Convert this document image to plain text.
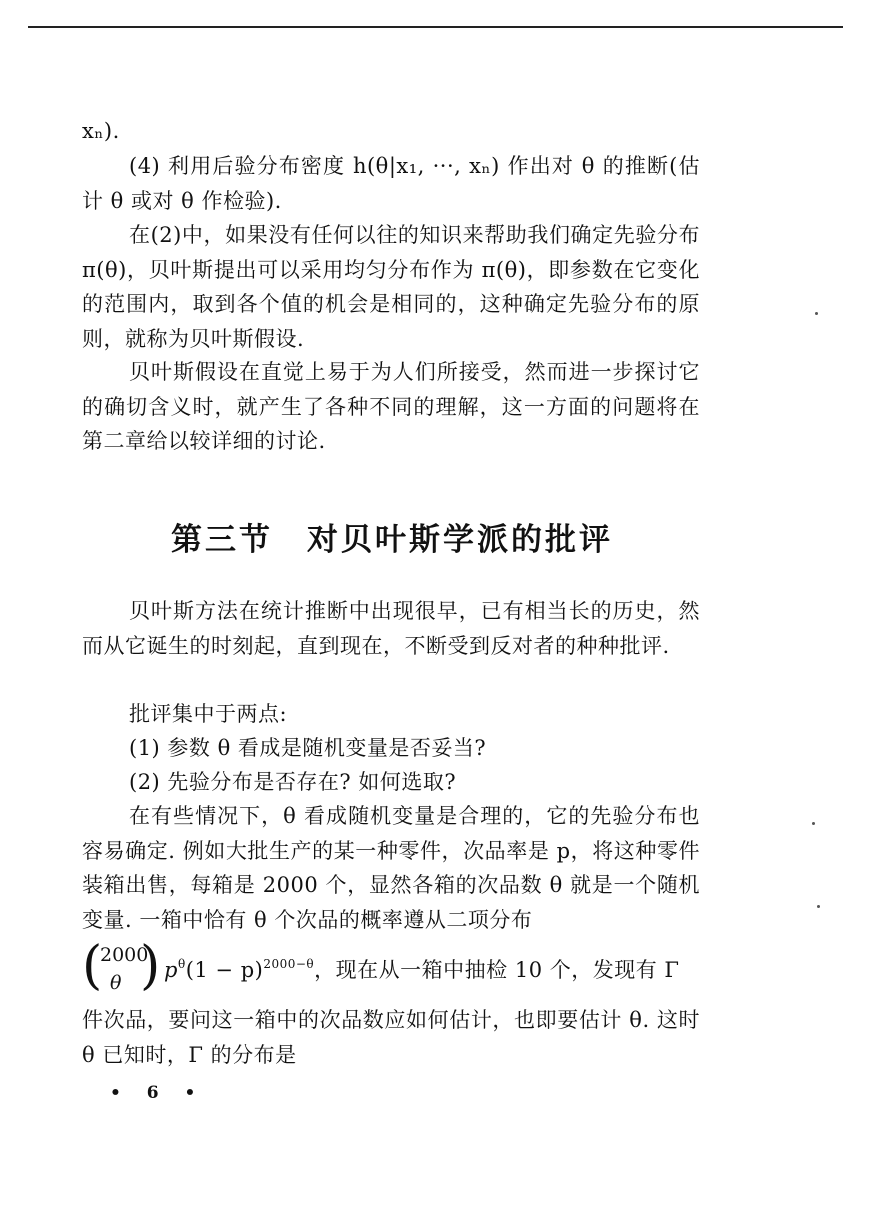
xₙ).
(4) 利用后验分布密度 h(θ|x₁, ···, xₙ) 作出对 θ 的推断(估计 θ 或对 θ 作检验).
在(2)中，如果没有任何以往的知识来帮助我们确定先验分布 π(θ)，贝叶斯提出可以采用均匀分布作为 π(θ)，即参数在它变化的范围内，取到各个值的机会是相同的，这种确定先验分布的原则，就称为贝叶斯假设.
贝叶斯假设在直觉上易于为人们所接受，然而进一步探讨它的确切含义时，就产生了各种不同的理解，这一方面的问题将在第二章给以较详细的讨论.
第三节 对贝叶斯学派的批评
贝叶斯方法在统计推断中出现很早，已有相当长的历史，然而从它诞生的时刻起，直到现在，不断受到反对者的种种批评.
批评集中于两点:
(1) 参数 θ 看成是随机变量是否妥当?
(2) 先验分布是否存在? 如何选取?
在有些情况下，θ 看成随机变量是合理的，它的先验分布也容易确定. 例如大批生产的某一种零件，次品率是 p，将这种零件装箱出售，每箱是 2000 个，显然各箱的次品数 θ 就是一个随机变量. 一箱中恰有 θ 个次品的概率遵从二项分布
(
2000
θ ) $p^\theta(1 - p)^{2000-\theta}$，现在从一箱中抽检 10 个，发现有 Γ
件次品，要问这一箱中的次品数应如何估计，也即要估计 θ. 这时 θ 已知时，Γ 的分布是
• 6 •
